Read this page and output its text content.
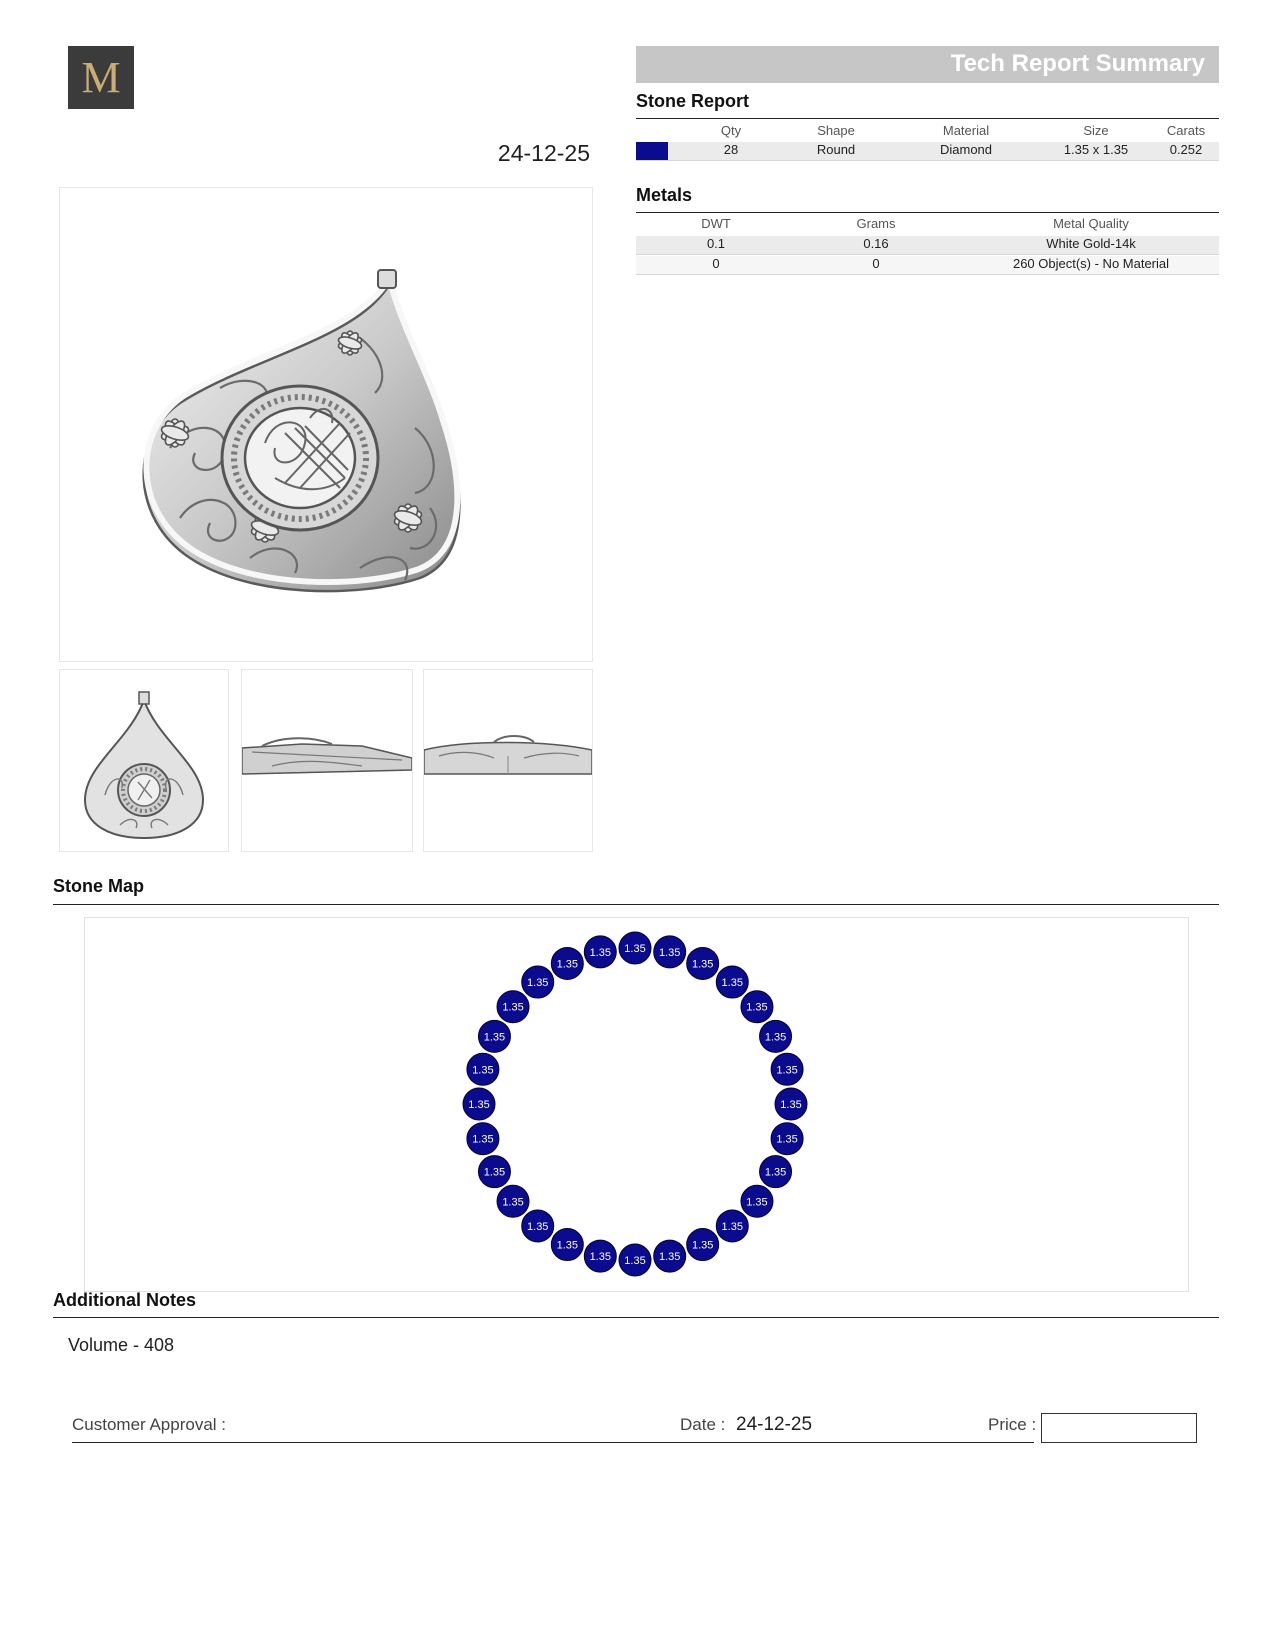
M
24-12-25
Tech Report Summary
Stone Report
Qty	Shape	Material	Size	Carats
28	Round	Diamond	1.35 x 1.35	0.252
Metals
DWT	Grams	Metal Quality
0.1	0.16	White Gold-14k
0	0	260 Object(s) - No Material
Stone Map
1.35 1.35
1.35
1.35
1.35
1.35
1.35
1.35
1.35
1.35
1.35
1.35
1.35
1.35
1.35
1.35
1.35
1.35
1.35
1.35
1.35
1.35
1.35
1.35
1.35
1.35
1.35
1.35
Additional Notes
Volume - 408
Customer Approval :	Date : 24-12-25	Price :
